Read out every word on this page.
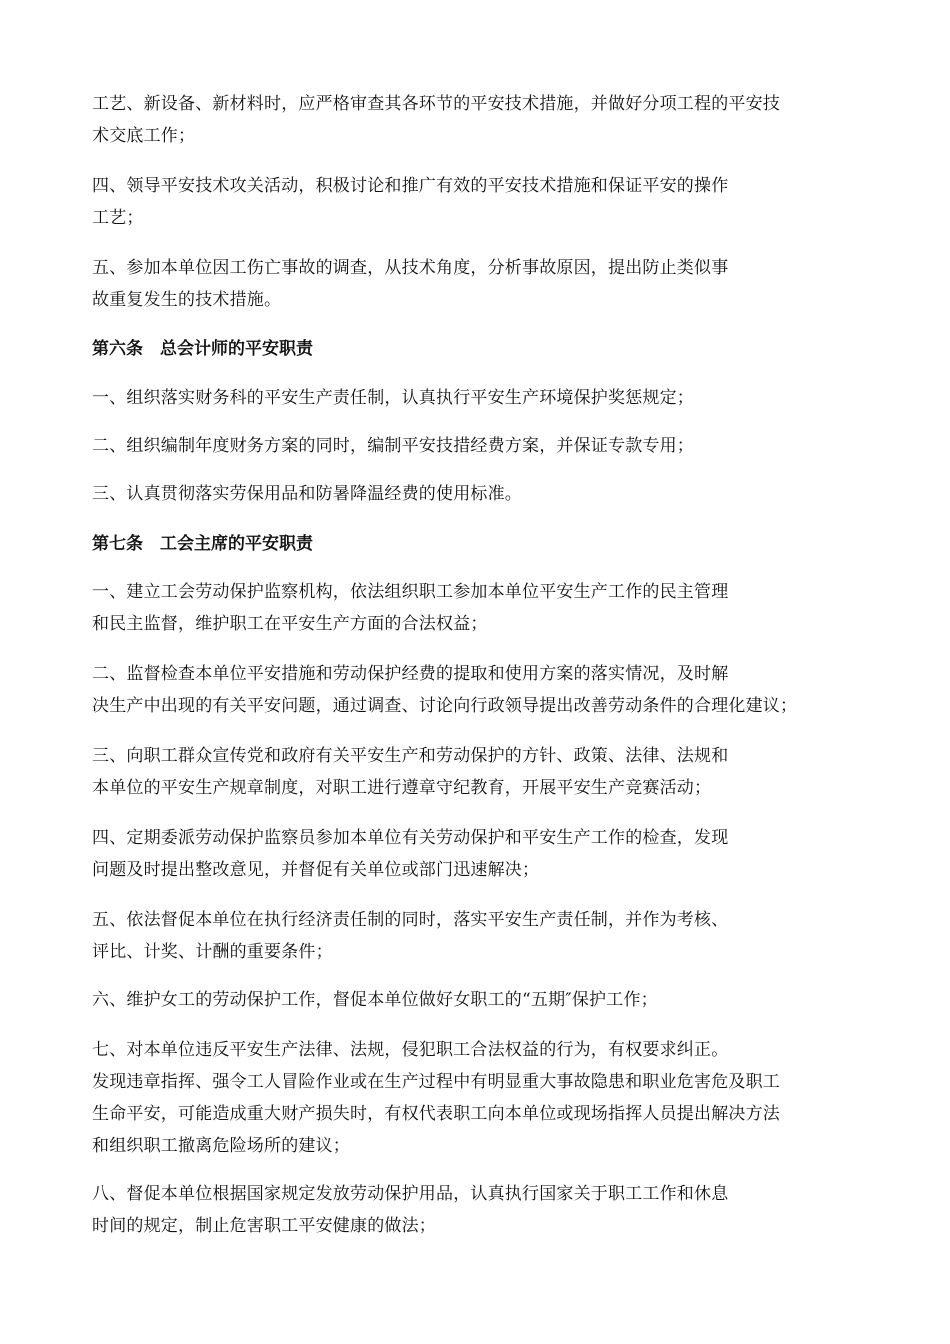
工艺、新设备、新材料时，应严格审查其各环节的平安技术措施，并做好分项工程的平安技
术交底工作；
四、领导平安技术攻关活动，积极讨论和推广有效的平安技术措施和保证平安的操作
工艺；
五、参加本单位因工伤亡事故的调查，从技术角度，分析事故原因，提出防止类似事
故重复发生的技术措施。
第六条　总会计师的平安职责
一、组织落实财务科的平安生产责任制，认真执行平安生产环境保护奖惩规定；
二、组织编制年度财务方案的同时，编制平安技措经费方案，并保证专款专用；
三、认真贯彻落实劳保用品和防暑降温经费的使用标准。
第七条　工会主席的平安职责
一、建立工会劳动保护监察机构，依法组织职工参加本单位平安生产工作的民主管理
和民主监督，维护职工在平安生产方面的合法权益；
二、监督检查本单位平安措施和劳动保护经费的提取和使用方案的落实情况，及时解
决生产中出现的有关平安问题，通过调查、讨论向行政领导提出改善劳动条件的合理化建议；
三、向职工群众宣传党和政府有关平安生产和劳动保护的方针、政策、法律、法规和
本单位的平安生产规章制度，对职工进行遵章守纪教育，开展平安生产竞赛活动；
四、定期委派劳动保护监察员参加本单位有关劳动保护和平安生产工作的检查，发现
问题及时提出整改意见，并督促有关单位或部门迅速解决；
五、依法督促本单位在执行经济责任制的同时，落实平安生产责任制，并作为考核、
评比、计奖、计酬的重要条件；
六、维护女工的劳动保护工作，督促本单位做好女职工的“五期″保护工作；
七、对本单位违反平安生产法律、法规，侵犯职工合法权益的行为，有权要求纠正。
发现违章指挥、强令工人冒险作业或在生产过程中有明显重大事故隐患和职业危害危及职工
生命平安，可能造成重大财产损失时，有权代表职工向本单位或现场指挥人员提出解决方法
和组织职工撤离危险场所的建议；
八、督促本单位根据国家规定发放劳动保护用品，认真执行国家关于职工工作和休息
时间的规定，制止危害职工平安健康的做法；
